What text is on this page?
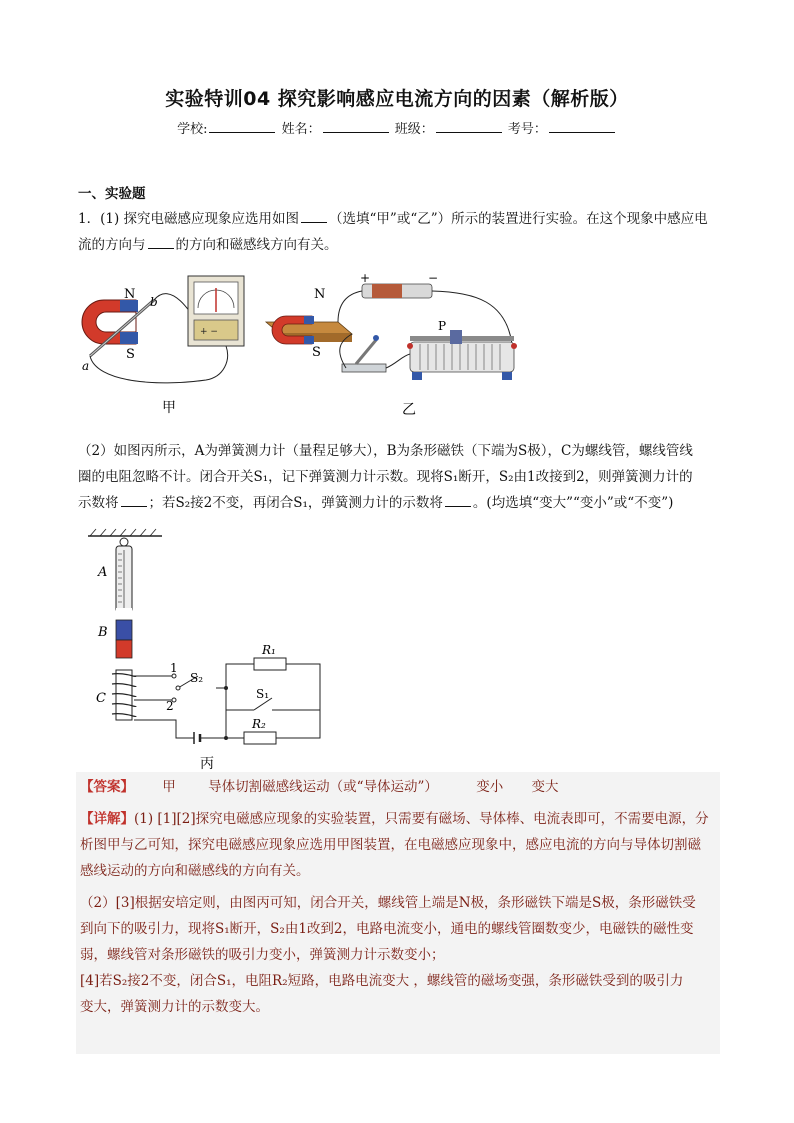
实验特训04 探究影响感应电流方向的因素（解析版）
学校:	姓名：	班级：	考号：
一、实验题
1．(1) 探究电磁感应现象应选用如图 （选填“甲”或“乙”）所示的装置进行实验。在这个现象中感应电
流的方向与 的方向和磁感线方向有关。
N
S
b
a
+ −
甲
N
S
+	−
P
乙
（2）如图丙所示，A为弹簧测力计（量程足够大），B为条形磁铁（下端为S极），C为螺线管，螺线管线
圈的电阻忽略不计。闭合开关S₁，记下弹簧测力计示数。现将S₁断开，S₂由1改接到2，则弹簧测力计的
示数将 ；若S₂接2不变，再闭合S₁，弹簧测力计的示数将 。(均选填“变大”“变小”或“不变”)
A
B
C
1
2
S₂
R₁
S₁
R₂
丙
【答案】 甲 导体切割磁感线运动（或“导体运动”）	变小 变大
【详解】(1) [1][2]探究电磁感应现象的实验装置，只需要有磁场、导体棒、电流表即可，不需要电源，分
析图甲与乙可知，探究电磁感应现象应选用甲图装置，在电磁感应现象中，感应电流的方向与导体切割磁
感线运动的方向和磁感线的方向有关。
（2）[3]根据安培定则，由图丙可知，闭合开关，螺线管上端是N极，条形磁铁下端是S极，条形磁铁受
到向下的吸引力，现将S₁断开，S₂由1改到2，电路电流变小，通电的螺线管圈数变少，电磁铁的磁性变
弱，螺线管对条形磁铁的吸引力变小，弹簧测力计示数变小；
[4]若S₂接2不变，闭合S₁，电阻R₂短路，电路电流变大 ，螺线管的磁场变强，条形磁铁受到的吸引力
变大，弹簧测力计的示数变大。
